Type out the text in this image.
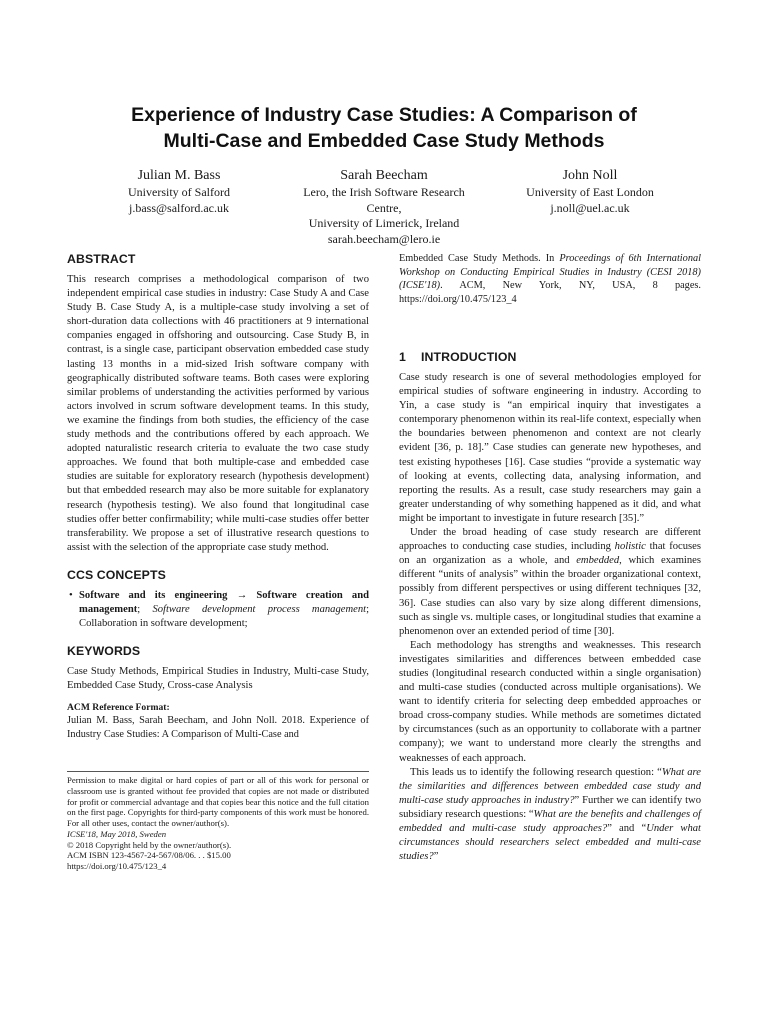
Experience of Industry Case Studies: A Comparison of
Multi-Case and Embedded Case Study Methods
Julian M. Bass
University of Salford
j.bass@salford.ac.uk
Sarah Beecham
Lero, the Irish Software Research
Centre,
University of Limerick, Ireland
sarah.beecham@lero.ie
John Noll
University of East London
j.noll@uel.ac.uk
ABSTRACT

This research comprises a methodological comparison of two independent empirical case studies in industry: Case Study A and Case Study B. Case Study A, is a multiple-case study involving a set of short-duration data collections with 46 practitioners at 9 international companies engaged in offshoring and outsourcing. Case Study B, in contrast, is a single case, participant observation embedded case study lasting 13 months in a mid-sized Irish software company with geographically distributed software teams. Both cases were exploring similar problems of understanding the activities performed by various actors involved in scrum software development teams. In this study, we examine the findings from both studies, the efficiency of the case study methods and the contributions offered by each approach. We adopted naturalistic research criteria to evaluate the two case study approaches. We found that both multiple-case and embedded case studies are suitable for exploratory research (hypothesis development) but that embedded research may also be more suitable for explanatory research (hypothesis testing). We also found that longitudinal case studies offer better confirmability; while multi-case studies offer better transferability. We propose a set of illustrative research questions to assist with the selection of the appropriate case study method.

CCS CONCEPTS
• Software and its engineering → Software creation and management; Software development process management; Collaboration in software development;
KEYWORDS

Case Study Methods, Empirical Studies in Industry, Multi-case Study, Embedded Case Study, Cross-case Analysis

ACM Reference Format:
Julian M. Bass, Sarah Beecham, and John Noll. 2018. Experience of Industry Case Studies: A Comparison of Multi-Case and
Permission to make digital or hard copies of part or all of this work for personal or classroom use is granted without fee provided that copies are not made or distributed for profit or commercial advantage and that copies bear this notice and the full citation on the first page. Copyrights for third-party components of this work must be honored. For all other uses, contact the owner/author(s).
ICSE'18, May 2018, Sweden
© 2018 Copyright held by the owner/author(s).
ACM ISBN 123-4567-24-567/08/06. . . $15.00
https://doi.org/10.475/123_4
Embedded Case Study Methods. In Proceedings of 6th International Workshop on Conducting Empirical Studies in Industry (CESI 2018) (ICSE'18). ACM, New York, NY, USA, 8 pages. https://doi.org/10.475/123_4
1 INTRODUCTION

Case study research is one of several methodologies employed for empirical studies of software engineering in industry. According to Yin, a case study is “an empirical inquiry that investigates a contemporary phenomenon within its real-life context, especially when the boundaries between phenomenon and context are not clearly evident [36, p. 18].” Case studies can generate new hypotheses, and test existing hypotheses [16]. Case studies “provide a systematic way of looking at events, collecting data, analysing information, and reporting the results. As a result, case study researchers may gain a greater understanding of why something happened as it did, and what might be important to investigate in future research [35].”

Under the broad heading of case study research are different approaches to conducting case studies, including holistic that focuses on an organization as a whole, and embedded, which examines different “units of analysis” within the broader organizational context, possibly from different perspectives or using different techniques [32, 36]. Case studies can also vary by size along different dimensions, such as single vs. multiple cases, or longitudinal studies that examine a phenomenon over an extended period of time [30].

Each methodology has strengths and weaknesses. This research investigates similarities and differences between embedded case studies (longitudinal research conducted within a single organisation) and multi-case studies (conducted across multiple organisations). We want to identify criteria for selecting deep embedded approaches or broad cross-company studies. While methods are sometimes dictated by circumstances (such as an opportunity to collaborate with a partner company); we want to understand more clearly the strengths and weaknesses of each approach.

This leads us to identify the following research question: “What are the similarities and differences between embedded case study and multi-case study approaches in industry?” Further we can identify two subsidiary research questions: “What are the benefits and challenges of embedded and multi-case study approaches?” and “Under what circumstances should researchers select embedded and multi-case studies?”
